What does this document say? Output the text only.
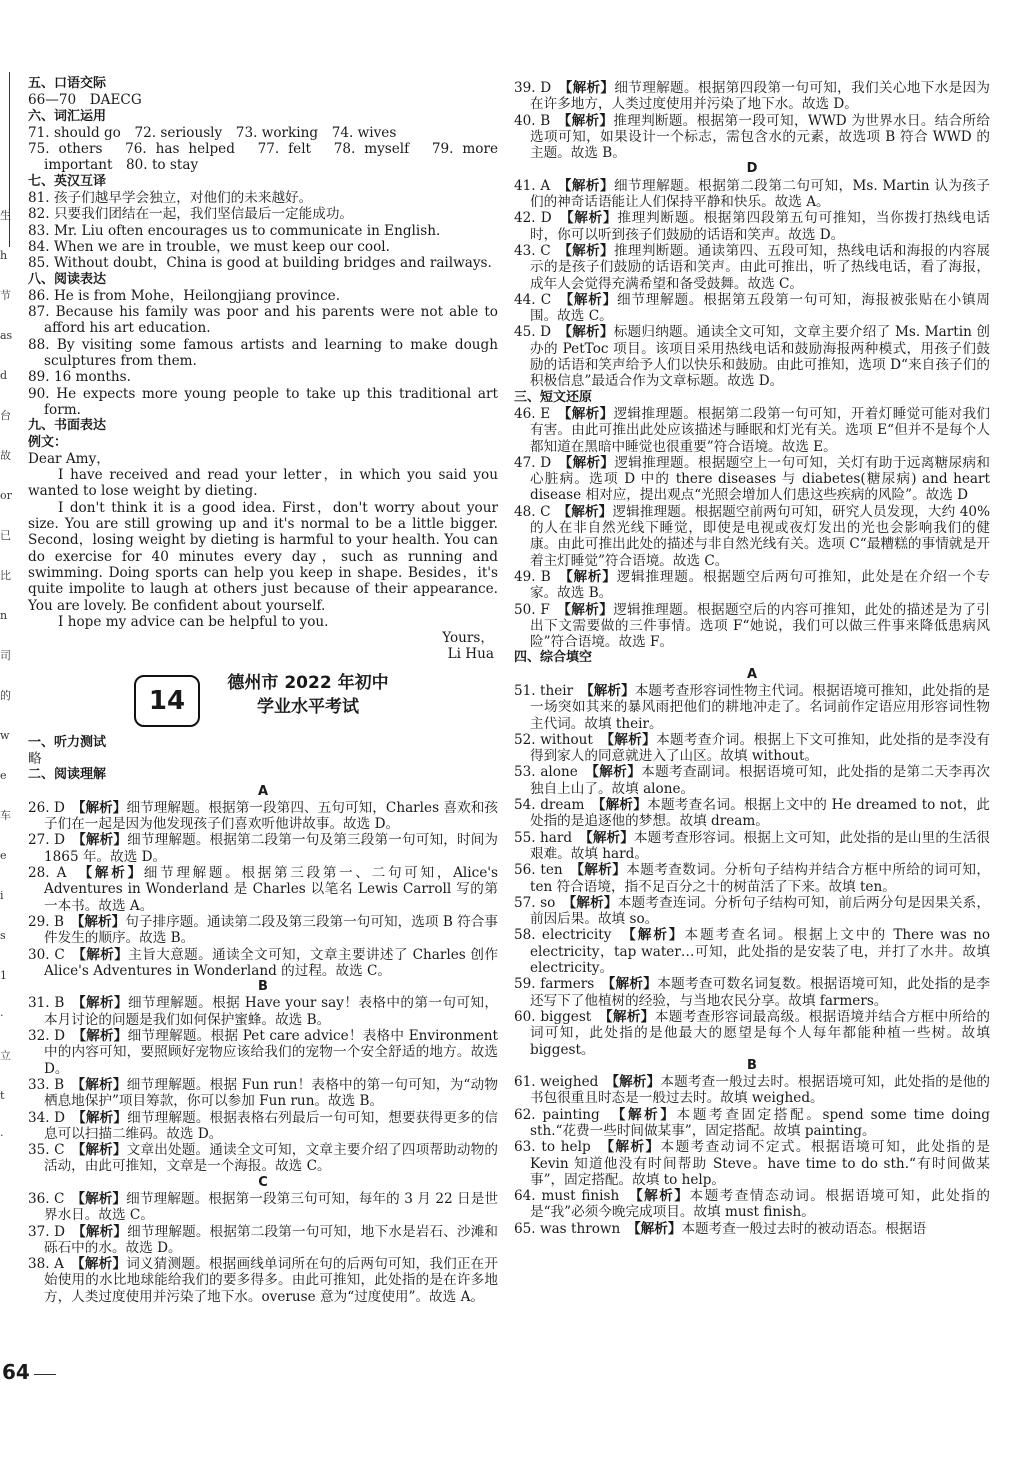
生
h
节
as
d
台
故
or
已
比
n
司
的
w
e
车
e
i
s
1
·
立
t
·

五、口语交际

66—70　DAECG

六、词汇运用

71. should go　72. seriously　73. working　74. wives

75. others　76. has helped　77. felt　78. myself　79. more important　80. to stay

七、英汉互译

81. 孩子们越早学会独立，对他们的未来越好。

82. 只要我们团结在一起，我们坚信最后一定能成功。

83. Mr. Liu often encourages us to communicate in English.

84. When we are in trouble，we must keep our cool.

85. Without doubt，China is good at building bridges and railways.

八、阅读表达

86. He is from Mohe，Heilongjiang province.

87. Because his family was poor and his parents were not able to afford his art education.

88. By visiting some famous artists and learning to make dough sculptures from them.

89. 16 months.

90. He expects more young people to take up this traditional art form.

九、书面表达

例文：

Dear Amy，

I have received and read your letter，in which you said you wanted to lose weight by dieting.

I don't think it is a good idea. First，don't worry about your size. You are still growing up and it's normal to be a little bigger. Second，losing weight by dieting is harmful to your health. You can do exercise for 40 minutes every day，such as running and swimming. Doing sports can help you keep in shape. Besides，it's quite impolite to laugh at others just because of their appearance. You are lovely. Be confident about yourself.

I hope my advice can be helpful to you.

Yours，

Li Hua

14
德州市 2022 年初中
学业水平考试

一、听力测试

略

二、阅读理解

A

26. D　 【解析】细节理解题。根据第一段第四、五句可知，Charles 喜欢和孩子们在一起是因为他发现孩子们喜欢听他讲故事。故选 D。

27. D　 【解析】细节理解题。根据第二段第一句及第三段第一句可知，时间为 1865 年。故选 D。

28. A　 【解析】细节理解题。根据第三段第一、二句可知，Alice's Adventures in Wonderland 是 Charles 以笔名 Lewis Carroll 写的第一本书。故选 A。

29. B　 【解析】句子排序题。通读第二段及第三段第一句可知，选项 B 符合事件发生的顺序。故选 B。

30. C　 【解析】主旨大意题。通读全文可知，文章主要讲述了 Charles 创作 Alice's Adventures in Wonderland 的过程。故选 C。

B

31. B　 【解析】细节理解题。根据 Have your say！表格中的第一句可知，本月讨论的问题是我们如何保护蜜蜂。故选 B。

32. D　 【解析】细节理解题。根据 Pet care advice！表格中 Environment 中的内容可知，要照顾好宠物应该给我们的宠物一个安全舒适的地方。故选 D。

33. B　 【解析】细节理解题。根据 Fun run！表格中的第一句可知，为“动物栖息地保护”项目筹款，你可以参加 Fun run。故选 B。

34. D　 【解析】细节理解题。根据表格右列最后一句可知，想要获得更多的信息可以扫描二维码。故选 D。

35. C　 【解析】文章出处题。通读全文可知，文章主要介绍了四项帮助动物的活动，由此可推知，文章是一个海报。故选 C。

C

36. C　 【解析】细节理解题。根据第一段第三句可知，每年的 3 月 22 日是世界水日。故选 C。

37. D　 【解析】细节理解题。根据第二段第一句可知，地下水是岩石、沙滩和砾石中的水。故选 D。

38. A　 【解析】词义猜测题。根据画线单词所在句的后两句可知，我们正在开始使用的水比地球能给我们的要多得多。由此可推知，此处指的是在许多地方，人类过度使用并污染了地下水。overuse 意为“过度使用”。故选 A。

39. D　 【解析】细节理解题。根据第四段第一句可知，我们关心地下水是因为在许多地方，人类过度使用并污染了地下水。故选 D。

40. B　 【解析】推理判断题。根据第一段可知，WWD 为世界水日。结合所给选项可知，如果设计一个标志，需包含水的元素，故选项 B 符合 WWD 的主题。故选 B。

D

41. A　 【解析】细节理解题。根据第二段第二句可知，Ms. Martin 认为孩子们的神奇话语能让人们保持平静和快乐。故选 A。

42. D　 【解析】推理判断题。根据第四段第五句可推知，当你拨打热线电话时，你可以听到孩子们鼓励的话语和笑声。故选 D。

43. C　 【解析】推理判断题。通读第四、五段可知，热线电话和海报的内容展示的是孩子们鼓励的话语和笑声。由此可推出，听了热线电话，看了海报，成年人会觉得充满希望和备受鼓舞。故选 C。

44. C　 【解析】细节理解题。根据第五段第一句可知，海报被张贴在小镇周围。故选 C。

45. D　 【解析】标题归纳题。通读全文可知，文章主要介绍了 Ms. Martin 创办的 PetToc 项目。该项目采用热线电话和鼓励海报两种模式，用孩子们鼓励的话语和笑声给予人们以快乐和鼓励。由此可推知，选项 D“来自孩子们的积极信息”最适合作为文章标题。故选 D。

三、短文还原

46. E　 【解析】逻辑推理题。根据第二段第一句可知，开着灯睡觉可能对我们有害。由此可推出此处应该描述与睡眠和灯光有关。选项 E“但并不是每个人都知道在黑暗中睡觉也很重要”符合语境。故选 E。

47. D　 【解析】逻辑推理题。根据题空上一句可知，关灯有助于远离糖尿病和心脏病。选项 D 中的 there diseases 与 diabetes(糖尿病) and heart disease 相对应，提出观点“光照会增加人们患这些疾病的风险”。故选 D

48. C　 【解析】逻辑推理题。根据题空前两句可知，研究人员发现，大约 40% 的人在非自然光线下睡觉，即使是电视或夜灯发出的光也会影响我们的健康。由此可推出此处的描述与非自然光线有关。选项 C“最糟糕的事情就是开着主灯睡觉”符合语境。故选 C。

49. B　 【解析】逻辑推理题。根据题空后两句可推知，此处是在介绍一个专家。故选 B。

50. F　 【解析】逻辑推理题。根据题空后的内容可推知，此处的描述是为了引出下文需要做的三件事情。选项 F“她说，我们可以做三件事来降低患病风险”符合语境。故选 F。

四、综合填空

A

51. their　 【解析】本题考查形容词性物主代词。根据语境可推知，此处指的是一场突如其来的暴风雨把他们的耕地冲走了。名词前作定语应用形容词性物主代词。故填 their。

52. without　 【解析】本题考查介词。根据上下文可推知，此处指的是李没有得到家人的同意就进入了山区。故填 without。

53. alone　 【解析】本题考查副词。根据语境可知，此处指的是第二天李再次独自上山了。故填 alone。

54. dream　 【解析】本题考查名词。根据上文中的 He dreamed to not，此处指的是追逐他的梦想。故填 dream。

55. hard　 【解析】本题考查形容词。根据上文可知，此处指的是山里的生活很艰难。故填 hard。

56. ten　 【解析】本题考查数词。分析句子结构并结合方框中所给的词可知，ten 符合语境，指不足百分之十的树苗活了下来。故填 ten。

57. so　 【解析】本题考查连词。分析句子结构可知，前后两分句是因果关系，前因后果。故填 so。

58. electricity　 【解析】本题考查名词。根据上文中的 There was no electricity，tap water…可知，此处指的是安装了电，并打了水井。故填 electricity。

59. farmers　 【解析】本题考查可数名词复数。根据语境可知，此处指的是李还写下了他植树的经验，与当地农民分享。故填 farmers。

60. biggest　 【解析】本题考查形容词最高级。根据语境并结合方框中所给的词可知，此处指的是他最大的愿望是每个人每年都能种植一些树。故填 biggest。

B

61. weighed　 【解析】本题考查一般过去时。根据语境可知，此处指的是他的书包很重且时态是一般过去时。故填 weighed。

62. painting　 【解析】本题考查固定搭配。spend some time doing sth.“花费一些时间做某事”，固定搭配。故填 painting。

63. to help　 【解析】本题考查动词不定式。根据语境可知，此处指的是 Kevin 知道他没有时间帮助 Steve。have time to do sth.“有时间做某事”，固定搭配。故填 to help。

64. must finish　 【解析】本题考查情态动词。根据语境可知，此处指的是“我”必须今晚完成项目。故填 must finish。

65. was thrown　 【解析】本题考查一般过去时的被动语态。根据语

64
